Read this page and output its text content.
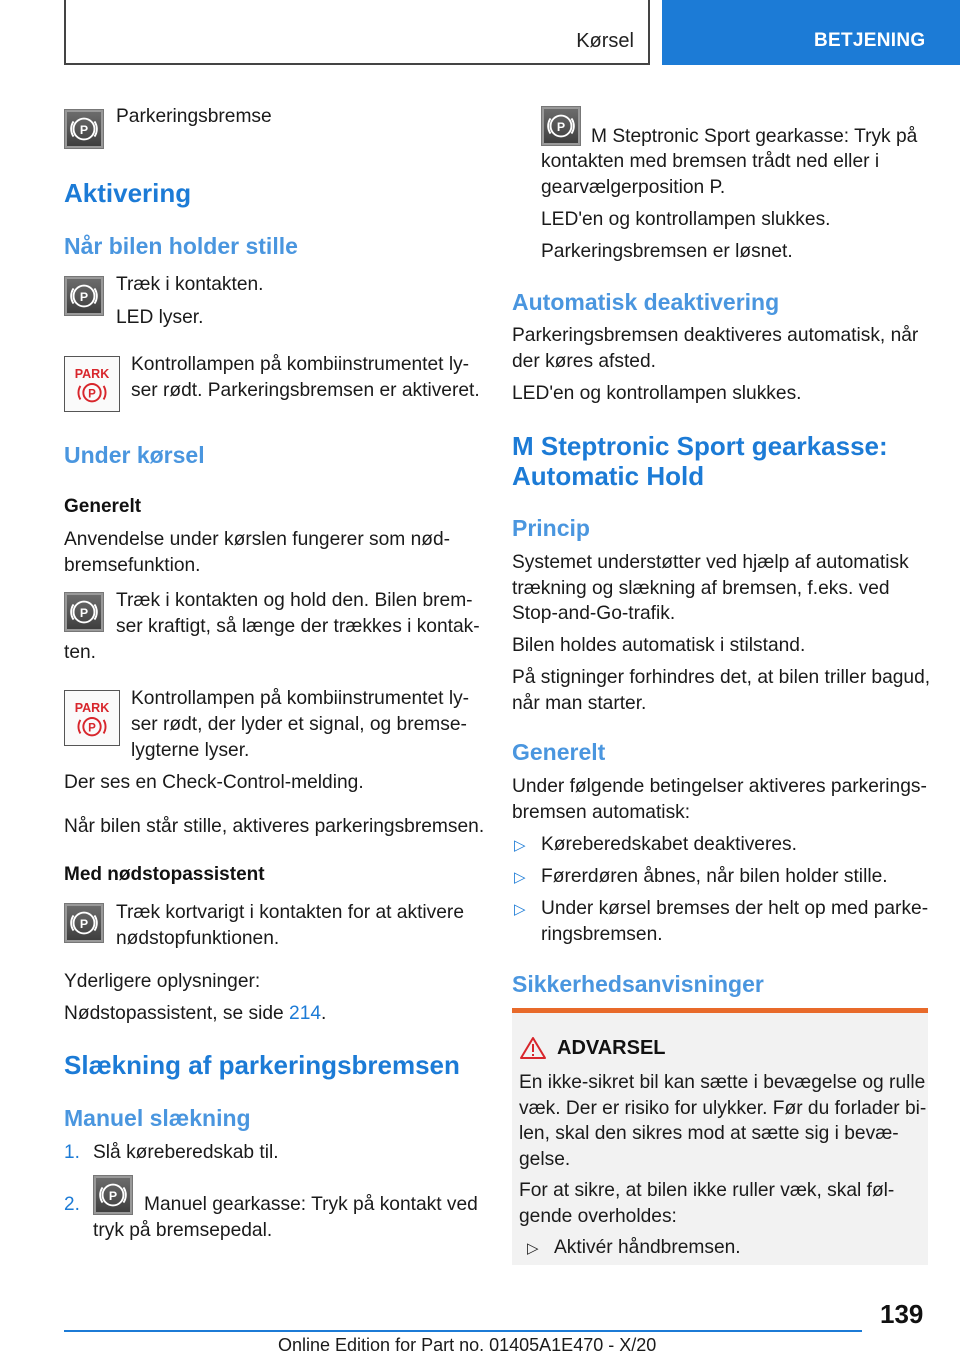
Kørsel	BETJENING
P
Parkeringsbremse
Aktivering
Når bilen holder stille
P
Træk i kontakten.
LED lyser.
PARK
P
Kontrollampen på kombiinstrumentet ly-
ser rødt. Parkeringsbremsen er aktiveret.
Under kørsel
Generelt
Anvendelse under kørslen fungerer som nød-
bremsefunktion.
P
Træk i kontakten og hold den. Bilen brem-
ser kraftigt, så længe der trækkes i kontak-
ten.
PARK
P
Kontrollampen på kombiinstrumentet ly-
ser rødt, der lyder et signal, og bremse-
lygterne lyser.
Der ses en Check-Control-melding.
Når bilen står stille, aktiveres parkeringsbremsen.
Med nødstopassistent
P
Træk kortvarigt i kontakten for at aktivere
nødstopfunktionen.
Yderligere oplysninger:
Nødstopassistent, se side 214.
Slækning af parkeringsbremsen
Manuel slækning
1. Slå køreberedskab til.
2. P Manuel gearkasse: Tryk på kontakt ved
tryk på bremsepedal.
P M Steptronic Sport gearkasse: Tryk på
kontakten med bremsen trådt ned eller i
gearvælgerposition P.
LED'en og kontrollampen slukkes.
Parkeringsbremsen er løsnet.
Automatisk deaktivering
Parkeringsbremsen deaktiveres automatisk, når
der køres afsted.
LED'en og kontrollampen slukkes.
M Steptronic Sport gearkasse:
Automatic Hold
Princip
Systemet understøtter ved hjælp af automatisk
trækning og slækning af bremsen, f.eks. ved
Stop-and-Go-trafik.
Bilen holdes automatisk i stilstand.
På stigninger forhindres det, at bilen triller bagud,
når man starter.
Generelt
Under følgende betingelser aktiveres parkerings-
bremsen automatisk:
▷ Køreberedskabet deaktiveres.
▷ Førerdøren åbnes, når bilen holder stille.
▷ Under kørsel bremses der helt op med parke-
ringsbremsen.
Sikkerhedsanvisninger
ADVARSEL
En ikke-sikret bil kan sætte i bevægelse og rulle
væk. Der er risiko for ulykker. Før du forlader bi-
len, skal den sikres mod at sætte sig i bevæ-
gelse.
For at sikre, at bilen ikke ruller væk, skal føl-
gende overholdes:
▷ Aktivér håndbremsen.
139
Online Edition for Part no. 01405A1E470 - X/20
